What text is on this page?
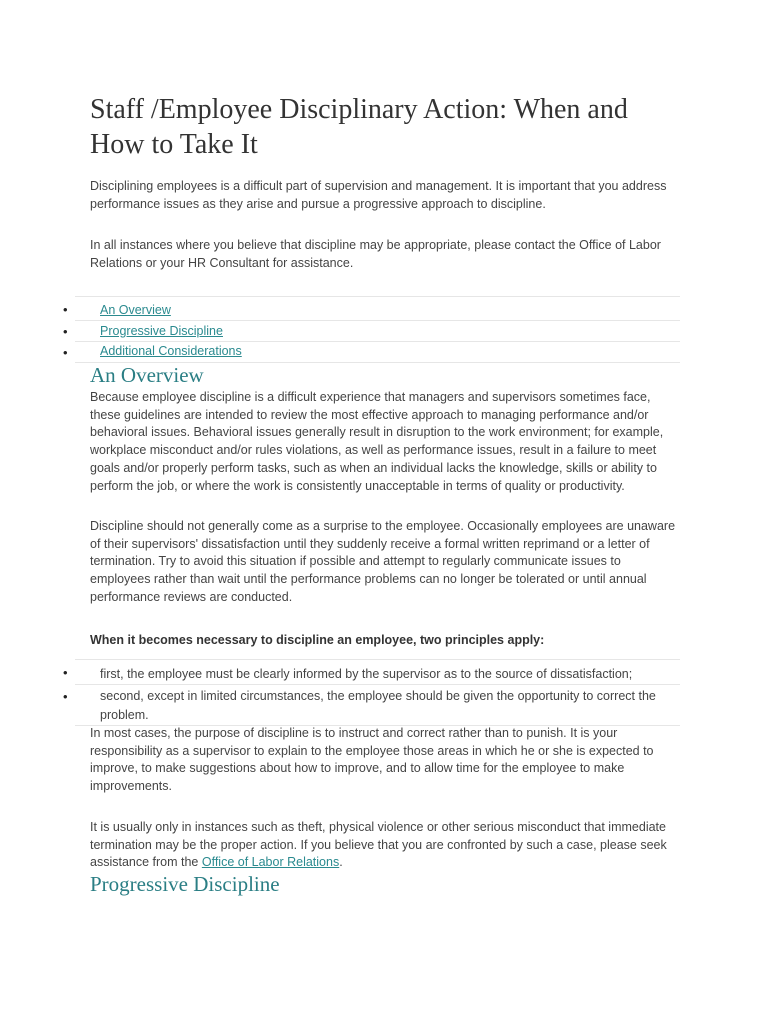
Staff /Employee Disciplinary Action: When and How to Take It

Disciplining employees is a difficult part of supervision and management. It is important that you address performance issues as they arise and pursue a progressive approach to discipline.

In all instances where you believe that discipline may be appropriate, please contact the Office of Labor Relations or your HR Consultant for assistance.

•	An Overview
•	Progressive Discipline
•	Additional Considerations
An Overview

Because employee discipline is a difficult experience that managers and supervisors sometimes face, these guidelines are intended to review the most effective approach to managing performance and/or behavioral issues. Behavioral issues generally result in disruption to the work environment; for example, workplace misconduct and/or rules violations, as well as performance issues, result in a failure to meet goals and/or properly perform tasks, such as when an individual lacks the knowledge, skills or ability to perform the job, or where the work is consistently unacceptable in terms of quality or productivity.

Discipline should not generally come as a surprise to the employee. Occasionally employees are unaware of their supervisors' dissatisfaction until they suddenly receive a formal written reprimand or a letter of termination. Try to avoid this situation if possible and attempt to regularly communicate issues to employees rather than wait until the performance problems can no longer be tolerated or until annual performance reviews are conducted.

When it becomes necessary to discipline an employee, two principles apply:

•	first, the employee must be clearly informed by the supervisor as to the source of dissatisfaction;
•	second, except in limited circumstances, the employee should be given the opportunity to correct the problem.

In most cases, the purpose of discipline is to instruct and correct rather than to punish. It is your responsibility as a supervisor to explain to the employee those areas in which he or she is expected to improve, to make suggestions about how to improve, and to allow time for the employee to make improvements.

It is usually only in instances such as theft, physical violence or other serious misconduct that immediate termination may be the proper action. If you believe that you are confronted by such a case, please seek assistance from the Office of Labor Relations.

Progressive Discipline
